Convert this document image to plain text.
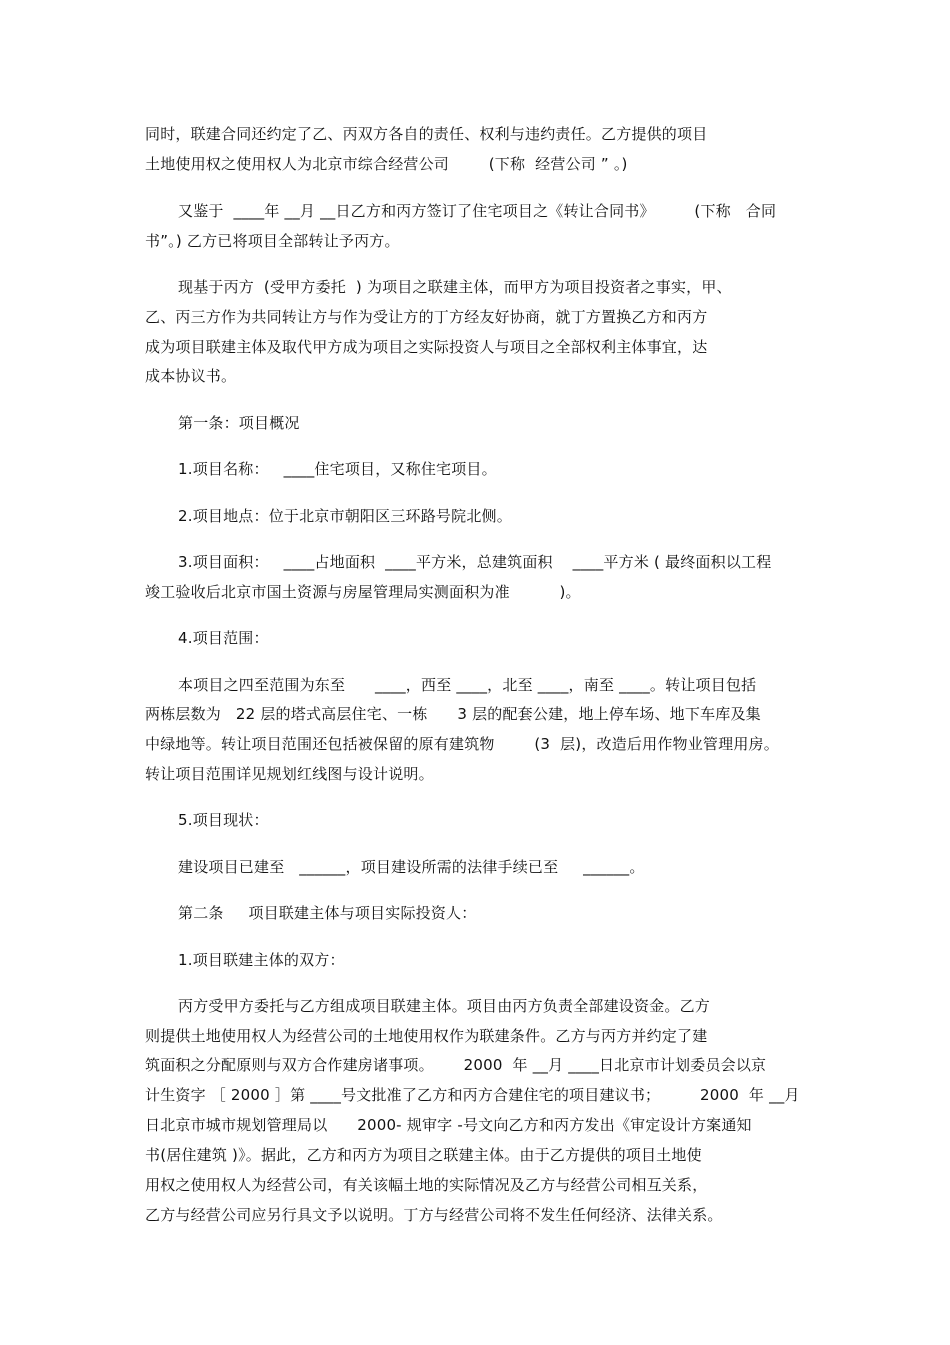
同时，联建合同还约定了乙、丙双方各自的责任、权利与违约责任。乙方提供的项目
土地使用权之使用权人为北京市综合经营公司        (下称  经营公司 ” 。)
又鉴于  ____年 __月 __日乙方和丙方签订了住宅项目之《转让合同书》        (下称   合同
书”。) 乙方已将项目全部转让予丙方。
现基于丙方  (受甲方委托  ) 为项目之联建主体，而甲方为项目投资者之事实，甲、
乙、丙三方作为共同转让方与作为受让方的丁方经友好协商，就丁方置换乙方和丙方
成为项目联建主体及取代甲方成为项目之实际投资人与项目之全部权利主体事宜，达
成本协议书。
第一条：项目概况
1.项目名称：   ____住宅项目，又称住宅项目。
2.项目地点：位于北京市朝阳区三环路号院北侧。
3.项目面积：   ____占地面积  ____平方米，总建筑面积    ____平方米 ( 最终面积以工程
竣工验收后北京市国土资源与房屋管理局实测面积为准          )。
4.项目范围：
本项目之四至范围为东至      ____，西至 ____，北至 ____，南至 ____。转让项目包括
两栋层数为   22 层的塔式高层住宅、一栋      3 层的配套公建，地上停车场、地下车库及集
中绿地等。转让项目范围还包括被保留的原有建筑物        (3  层)，改造后用作物业管理用房。
转让项目范围详见规划红线图与设计说明。
5.项目现状：
建设项目已建至   ______，项目建设所需的法律手续已至     ______。
第二条     项目联建主体与项目实际投资人：
1.项目联建主体的双方：
丙方受甲方委托与乙方组成项目联建主体。项目由丙方负责全部建设资金。乙方
则提供土地使用权人为经营公司的土地使用权作为联建条件。乙方与丙方并约定了建
筑面积之分配原则与双方合作建房诸事项。      2000  年 __月 ____日北京市计划委员会以京
计生资字 ［ 2000 ］第 ____号文批准了乙方和丙方合建住宅的项目建议书；        2000  年 __月
日北京市城市规划管理局以      2000- 规审字 -号文向乙方和丙方发出《审定设计方案通知
书(居住建筑 )》。据此，乙方和丙方为项目之联建主体。由于乙方提供的项目土地使
用权之使用权人为经营公司，有关该幅土地的实际情况及乙方与经营公司相互关系，
乙方与经营公司应另行具文予以说明。丁方与经营公司将不发生任何经济、法律关系。
